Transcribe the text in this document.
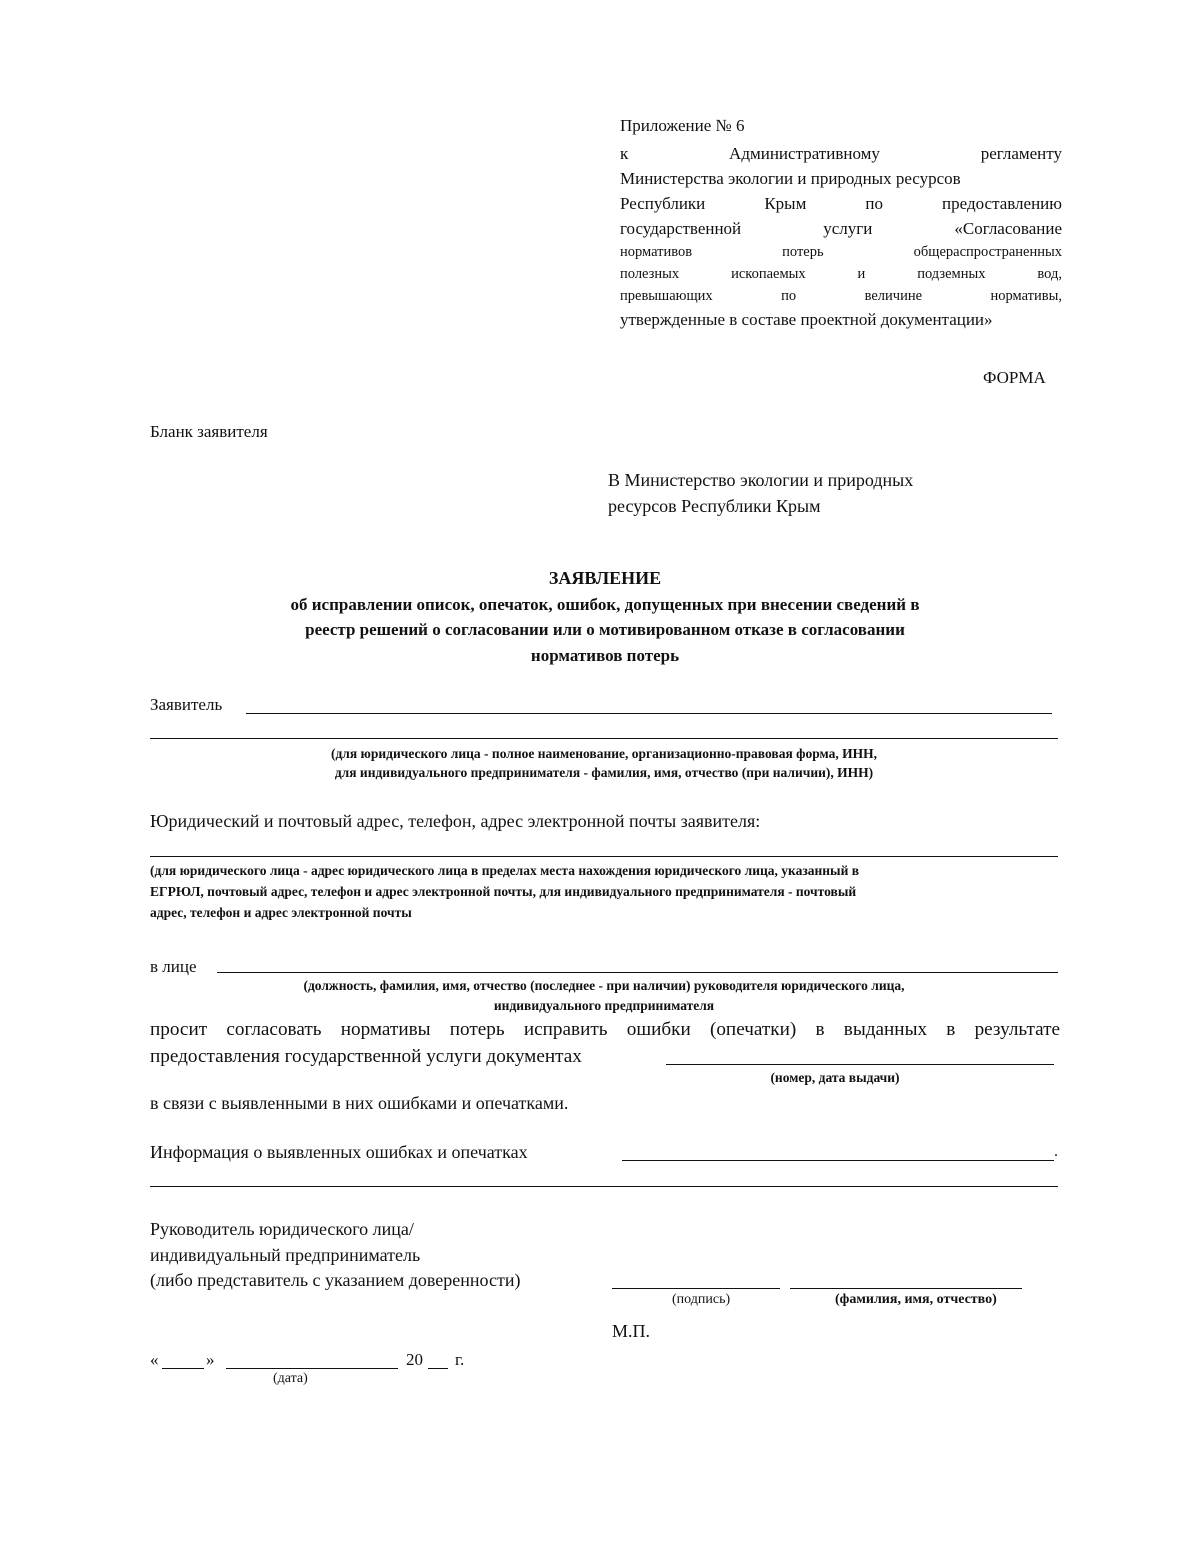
Приложение № 6
к	Административному	регламенту
Министерства экологии и природных ресурсов
Республики	Крым	по	предоставлению
государственной	услуги	«Согласование
нормативов	потерь	общераспространенных
полезных	ископаемых	и	подземных	вод,
превышающих	по	величине	нормативы,
утвержденные в составе проектной документации»
ФОРМА
Бланк заявителя
В Министерство экологии и природных
ресурсов Республики Крым
ЗАЯВЛЕНИЕ
об исправлении описок, опечаток, ошибок, допущенных при внесении сведений в
реестр решений о согласовании или о мотивированном отказе в согласовании
нормативов потерь
Заявитель
(для юридического лица - полное наименование, организационно-правовая форма, ИНН,
для индивидуального предпринимателя - фамилия, имя, отчество (при наличии), ИНН)
Юридический и почтовый адрес, телефон, адрес электронной почты заявителя:
(для юридического лица - адрес юридического лица в пределах места нахождения юридического лица, указанный в
ЕГРЮЛ, почтовый адрес, телефон и адрес электронной почты, для индивидуального предпринимателя - почтовый
адрес, телефон и адрес электронной почты
в лице
(должность, фамилия, имя, отчество (последнее - при наличии) руководителя юридического лица,
индивидуального предпринимателя
просит согласовать нормативы потерь исправить ошибки (опечатки) в выданных в результате
предоставления государственной услуги документах
(номер, дата выдачи)
в связи с выявленными в них ошибками и опечатками.
Информация о выявленных ошибках и опечатках	.
Руководитель юридического лица/
индивидуальный предприниматель
(либо представитель с указанием доверенности)
(подпись)	(фамилия, имя, отчество)
М.П.
«	»	20 г.
(дата)
